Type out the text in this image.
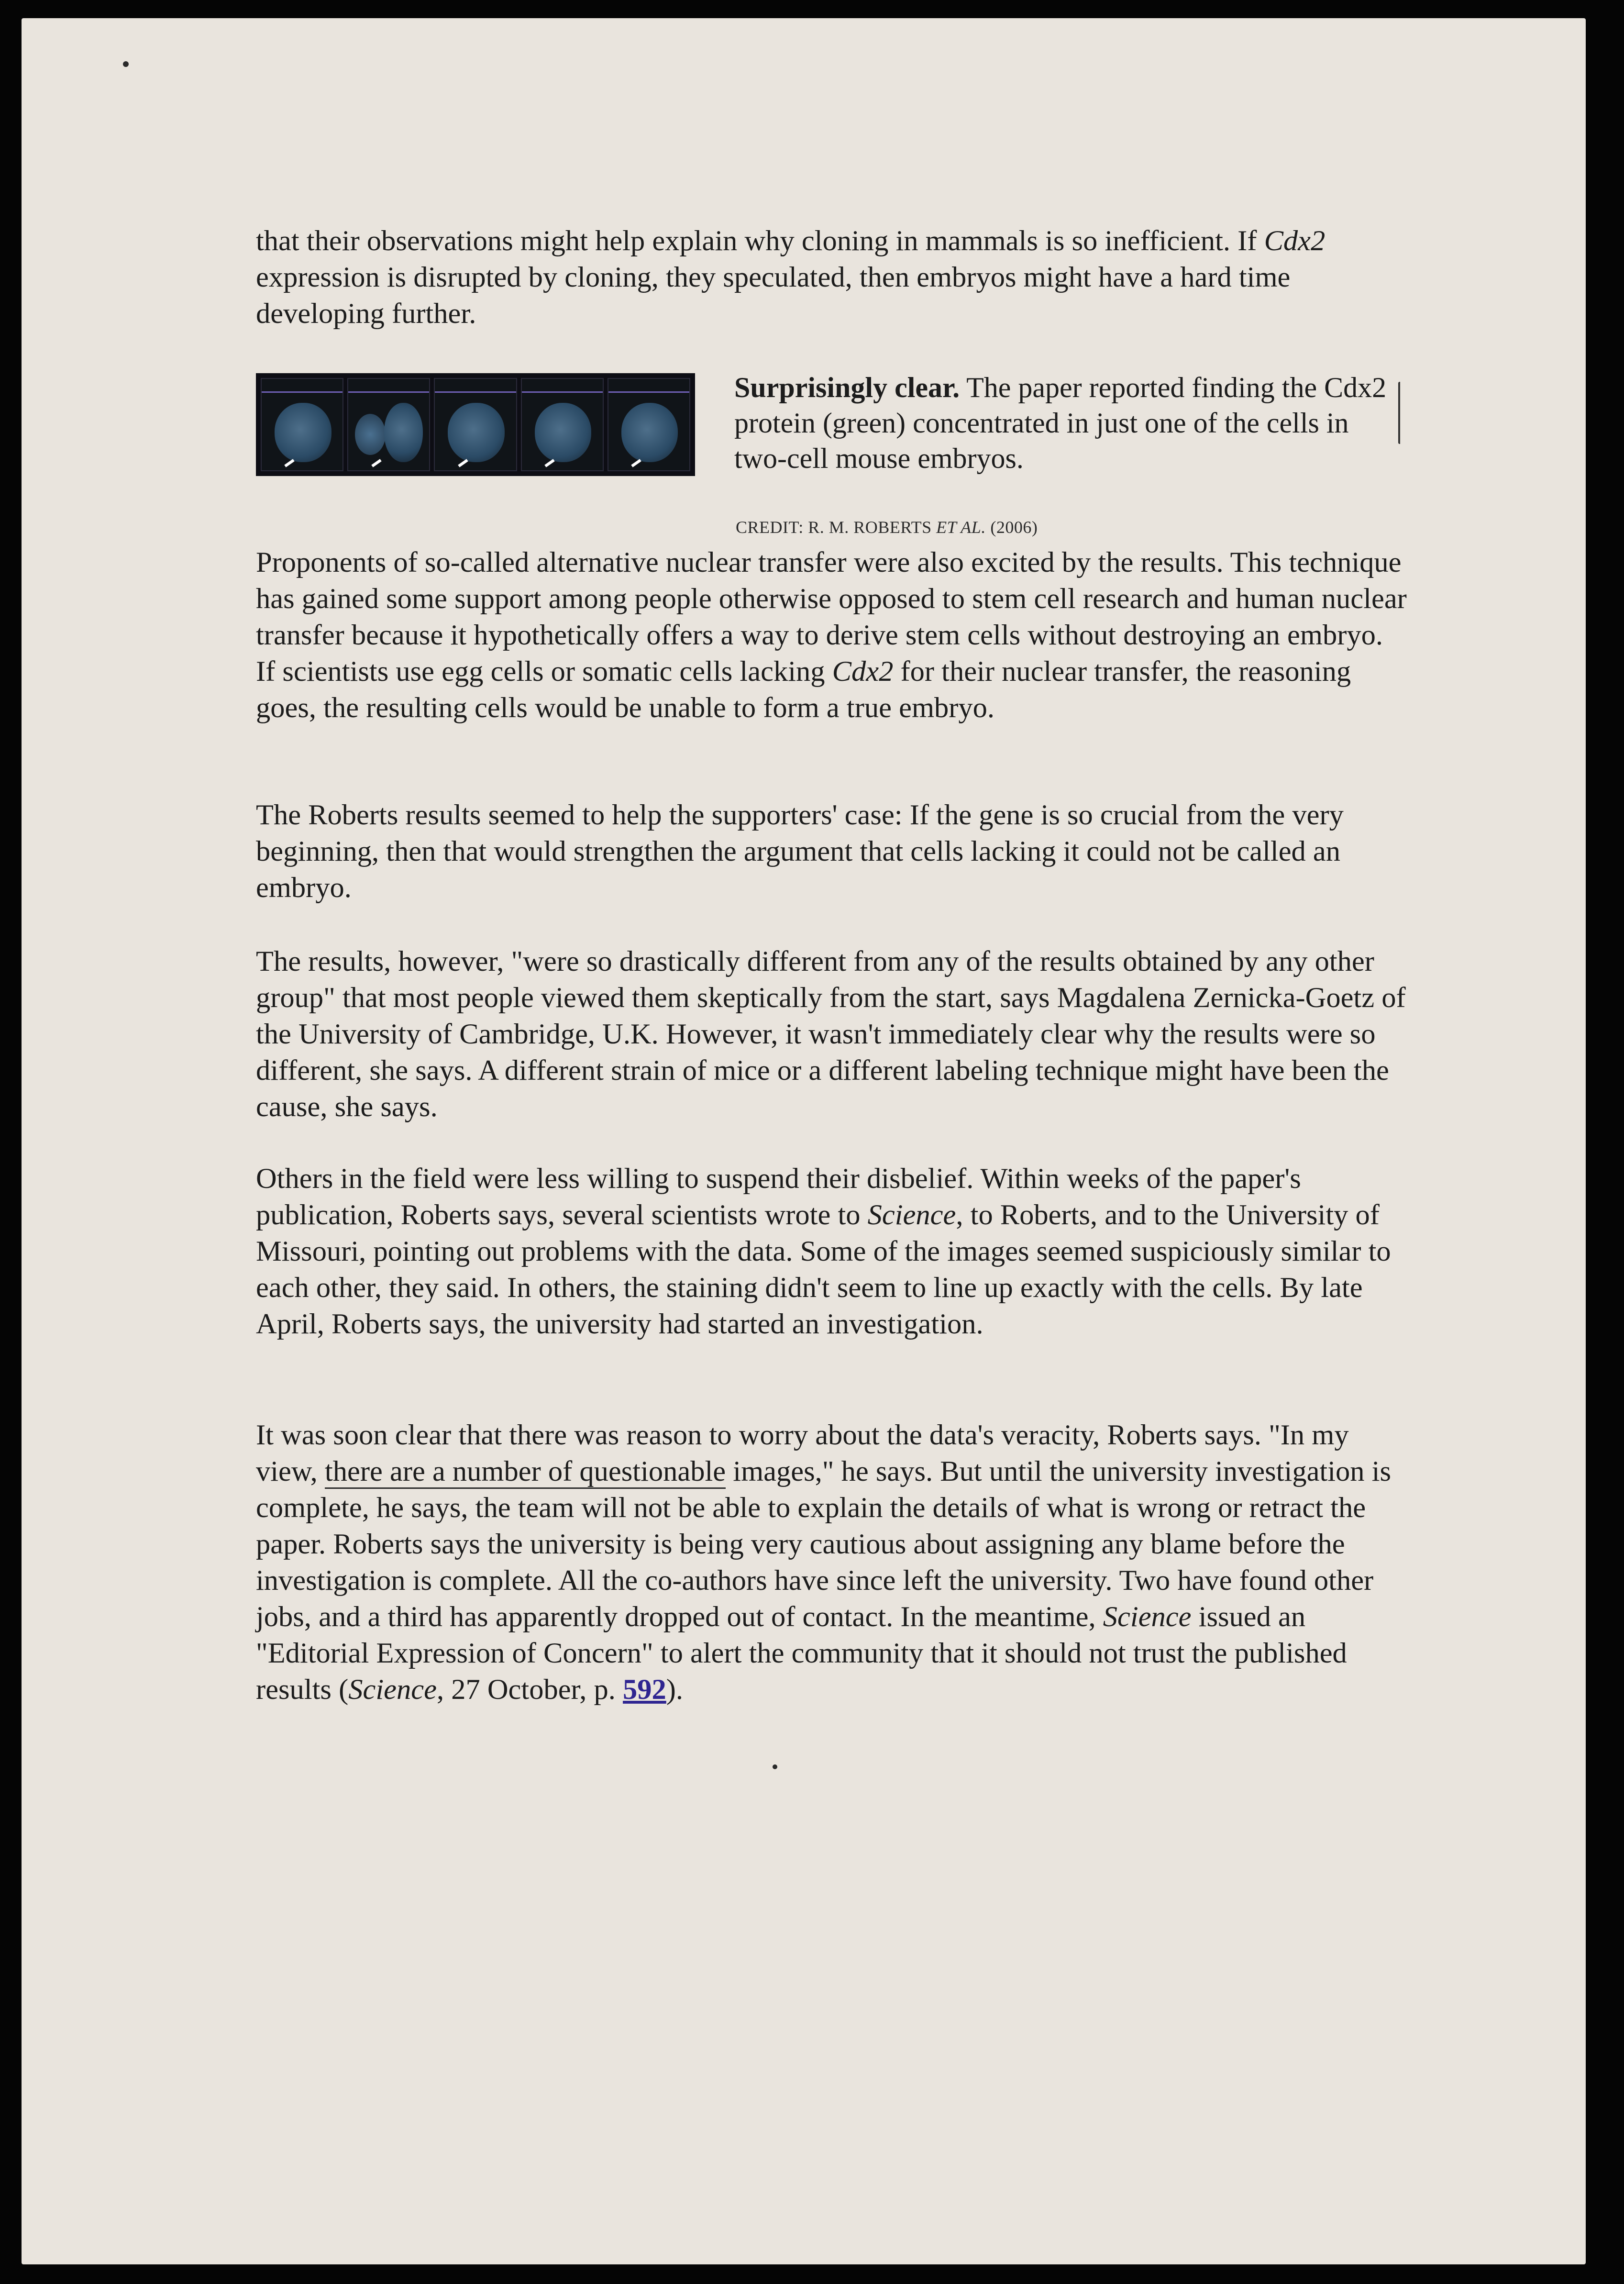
that their observations might help explain why cloning in mammals is so inefficient. If Cdx2 expression is disrupted by cloning, they speculated, then embryos might have a hard time developing further.

Surprisingly clear. The paper reported finding the Cdx2 protein (green) concentrated in just one of the cells in two-cell mouse embryos.
CREDIT: R. M. ROBERTS ET AL. (2006)

Proponents of so-called alternative nuclear transfer were also excited by the results. This technique has gained some support among people otherwise opposed to stem cell research and human nuclear transfer because it hypothetically offers a way to derive stem cells without destroying an embryo. If scientists use egg cells or somatic cells lacking Cdx2 for their nuclear transfer, the reasoning goes, the resulting cells would be unable to form a true embryo.

The Roberts results seemed to help the supporters' case: If the gene is so crucial from the very beginning, then that would strengthen the argument that cells lacking it could not be called an embryo.

The results, however, "were so drastically different from any of the results obtained by any other group" that most people viewed them skeptically from the start, says Magdalena Zernicka-Goetz of the University of Cambridge, U.K. However, it wasn't immediately clear why the results were so different, she says. A different strain of mice or a different labeling technique might have been the cause, she says.

Others in the field were less willing to suspend their disbelief. Within weeks of the paper's publication, Roberts says, several scientists wrote to Science, to Roberts, and to the University of Missouri, pointing out problems with the data. Some of the images seemed suspiciously similar to each other, they said. In others, the staining didn't seem to line up exactly with the cells. By late April, Roberts says, the university had started an investigation.

It was soon clear that there was reason to worry about the data's veracity, Roberts says. "In my view, there are a number of questionable images," he says. But until the university investigation is complete, he says, the team will not be able to explain the details of what is wrong or retract the paper. Roberts says the university is being very cautious about assigning any blame before the investigation is complete. All the co-authors have since left the university. Two have found other jobs, and a third has apparently dropped out of contact. In the meantime, Science issued an "Editorial Expression of Concern" to alert the community that it should not trust the published results (Science, 27 October, p. 592).
